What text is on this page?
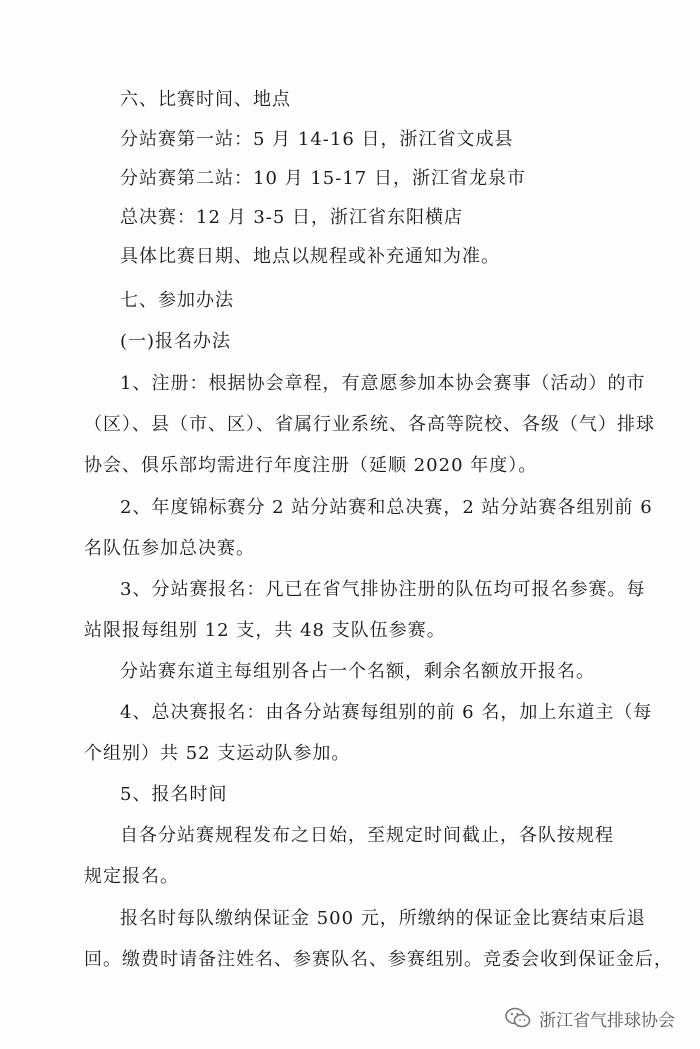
六、比赛时间、地点
分站赛第一站：5 月 14-16 日，浙江省文成县
分站赛第二站：10 月 15-17 日，浙江省龙泉市
总决赛：12 月 3-5 日，浙江省东阳横店
具体比赛日期、地点以规程或补充通知为准。
七、参加办法
(一)报名办法
1、注册：根据协会章程，有意愿参加本协会赛事（活动）的市
（区）、县（市、区）、省属行业系统、各高等院校、各级（气）排球
协会、俱乐部均需进行年度注册（延顺 2020 年度）。
2、年度锦标赛分 2 站分站赛和总决赛，2 站分站赛各组别前 6
名队伍参加总决赛。
3、分站赛报名：凡已在省气排协注册的队伍均可报名参赛。每
站限报每组别 12 支，共 48 支队伍参赛。
分站赛东道主每组别各占一个名额，剩余名额放开报名。
4、总决赛报名：由各分站赛每组别的前 6 名，加上东道主（每
个组别）共 52 支运动队参加。
5、报名时间
自各分站赛规程发布之日始，至规定时间截止，各队按规程
规定报名。
报名时每队缴纳保证金 500 元，所缴纳的保证金比赛结束后退
回。缴费时请备注姓名、参赛队名、参赛组别。竞委会收到保证金后，
浙江省气排球协会
